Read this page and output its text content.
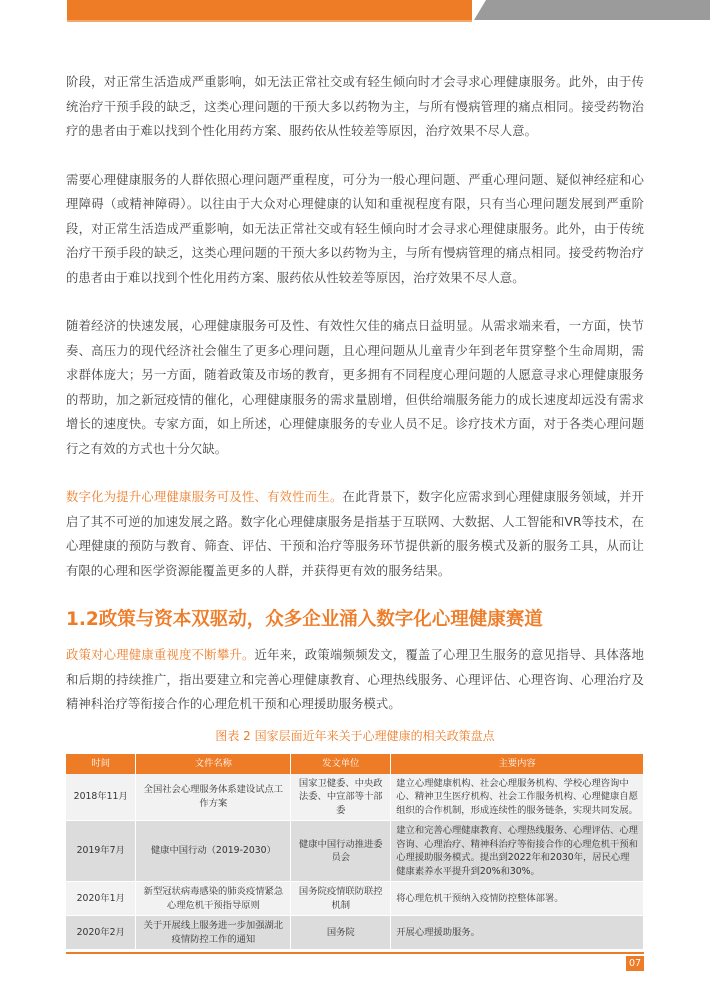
阶段，对正常生活造成严重影响，如无法正常社交或有轻生倾向时才会寻求心理健康服务。此外，由于传统治疗干预手段的缺乏，这类心理问题的干预大多以药物为主，与所有慢病管理的痛点相同。接受药物治疗的患者由于难以找到个性化用药方案、服药依从性较差等原因，治疗效果不尽人意。

需要心理健康服务的人群依照心理问题严重程度，可分为一般心理问题、严重心理问题、疑似神经症和心理障碍（或精神障碍）。以往由于大众对心理健康的认知和重视程度有限，只有当心理问题发展到严重阶段，对正常生活造成严重影响，如无法正常社交或有轻生倾向时才会寻求心理健康服务。此外，由于传统治疗干预手段的缺乏，这类心理问题的干预大多以药物为主，与所有慢病管理的痛点相同。接受药物治疗的患者由于难以找到个性化用药方案、服药依从性较差等原因，治疗效果不尽人意。

随着经济的快速发展，心理健康服务可及性、有效性欠佳的痛点日益明显。从需求端来看，一方面，快节奏、高压力的现代经济社会催生了更多心理问题，且心理问题从儿童青少年到老年贯穿整个生命周期，需求群体庞大；另一方面，随着政策及市场的教育，更多拥有不同程度心理问题的人愿意寻求心理健康服务的帮助，加之新冠疫情的催化，心理健康服务的需求量剧增，但供给端服务能力的成长速度却远没有需求增长的速度快。专家方面，如上所述，心理健康服务的专业人员不足。诊疗技术方面，对于各类心理问题行之有效的方式也十分欠缺。

数字化为提升心理健康服务可及性、有效性而生。在此背景下，数字化应需求到心理健康服务领域，并开启了其不可逆的加速发展之路。数字化心理健康服务是指基于互联网、大数据、人工智能和VR等技术，在心理健康的预防与教育、筛查、评估、干预和治疗等服务环节提供新的服务模式及新的服务工具，从而让有限的心理和医学资源能覆盖更多的人群，并获得更有效的服务结果。

1.2政策与资本双驱动，众多企业涌入数字化心理健康赛道

政策对心理健康重视度不断攀升。近年来，政策端频频发文，覆盖了心理卫生服务的意见指导、具体落地和后期的持续推广，指出要建立和完善心理健康教育、心理热线服务、心理评估、心理咨询、心理治疗及精神科治疗等衔接合作的心理危机干预和心理援助服务模式。

图表 2 国家层面近年来关于心理健康的相关政策盘点
时间	文件名称	发文单位	主要内容
2018年11月	全国社会心理服务体系建设试点工作方案	国家卫健委、中央政法委、中宣部等十部委	建立心理健康机构、社会心理服务机构、学校心理咨询中心、精神卫生医疗机构、社会工作服务机构、心理健康自愿组织的合作机制，形成连续性的服务链条，实现共同发展。
2019年7月	健康中国行动（2019-2030）	健康中国行动推进委员会	建立和完善心理健康教育、心理热线服务、心理评估、心理咨询、心理治疗、精神科治疗等衔接合作的心理危机干预和心理援助服务模式。提出到2022年和2030年，居民心理健康素养水平提升到20%和30%。
2020年1月	新型冠状病毒感染的肺炎疫情紧急心理危机干预指导原则	国务院疫情联防联控机制	将心理危机干预纳入疫情防控整体部署。
2020年2月	关于开展线上服务进一步加强湖北疫情防控工作的通知	国务院	开展心理援助服务。
07
